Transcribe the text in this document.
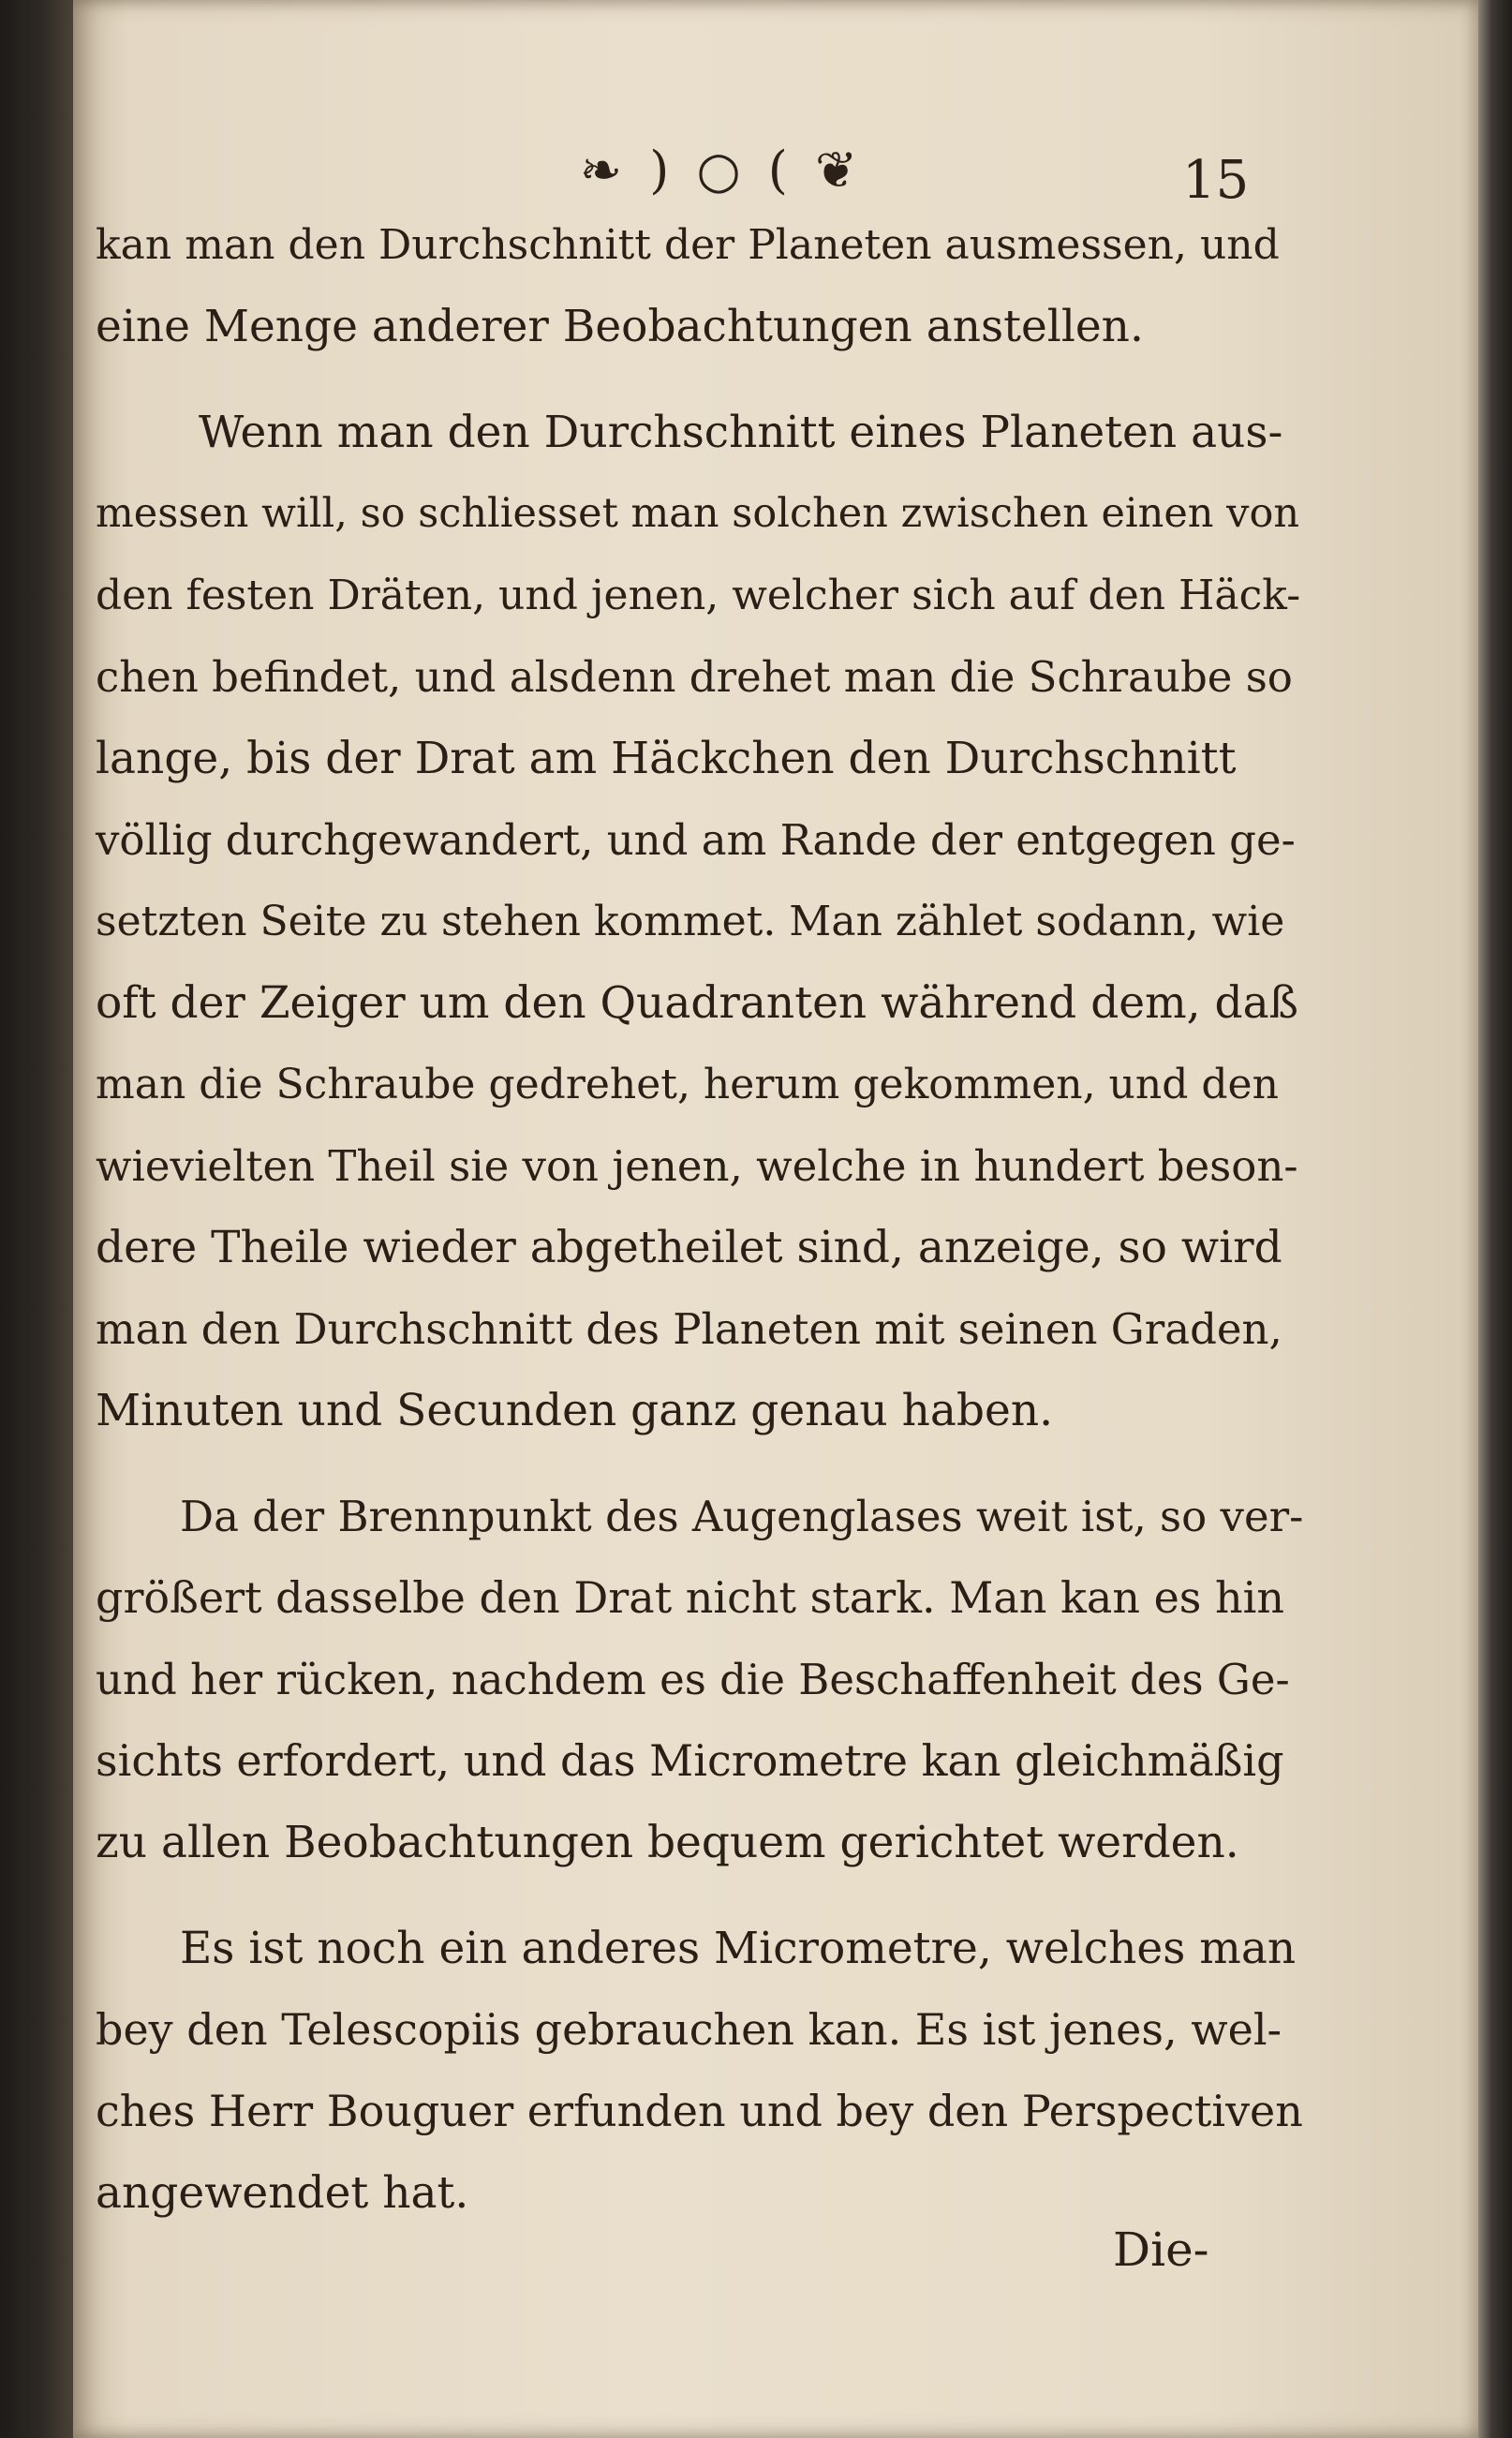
❧ ) ○ ( ❦	15

kan man den Durchschnitt der Planeten ausmessen, und
eine Menge anderer Beobachtungen anstellen.

Wenn man den Durchschnitt eines Planeten aus-
messen will, so schliesset man solchen zwischen einen von
den festen Dräten, und jenen, welcher sich auf den Häck-
chen befindet, und alsdenn drehet man die Schraube so
lange, bis der Drat am Häckchen den Durchschnitt
völlig durchgewandert, und am Rande der entgegen ge-
setzten Seite zu stehen kommet. Man zählet sodann, wie
oft der Zeiger um den Quadranten während dem, daß
man die Schraube gedrehet, herum gekommen, und den
wievielten Theil sie von jenen, welche in hundert beson-
dere Theile wieder abgetheilet sind, anzeige, so wird
man den Durchschnitt des Planeten mit seinen Graden,
Minuten und Secunden ganz genau haben.

Da der Brennpunkt des Augenglases weit ist, so ver-
größert dasselbe den Drat nicht stark. Man kan es hin
und her rücken, nachdem es die Beschaffenheit des Ge-
sichts erfordert, und das Micrometre kan gleichmäßig
zu allen Beobachtungen bequem gerichtet werden.

Es ist noch ein anderes Micrometre, welches man
bey den Telescopiis gebrauchen kan. Es ist jenes, wel-
ches Herr Bouguer erfunden und bey den Perspectiven
angewendet hat.

Die-
